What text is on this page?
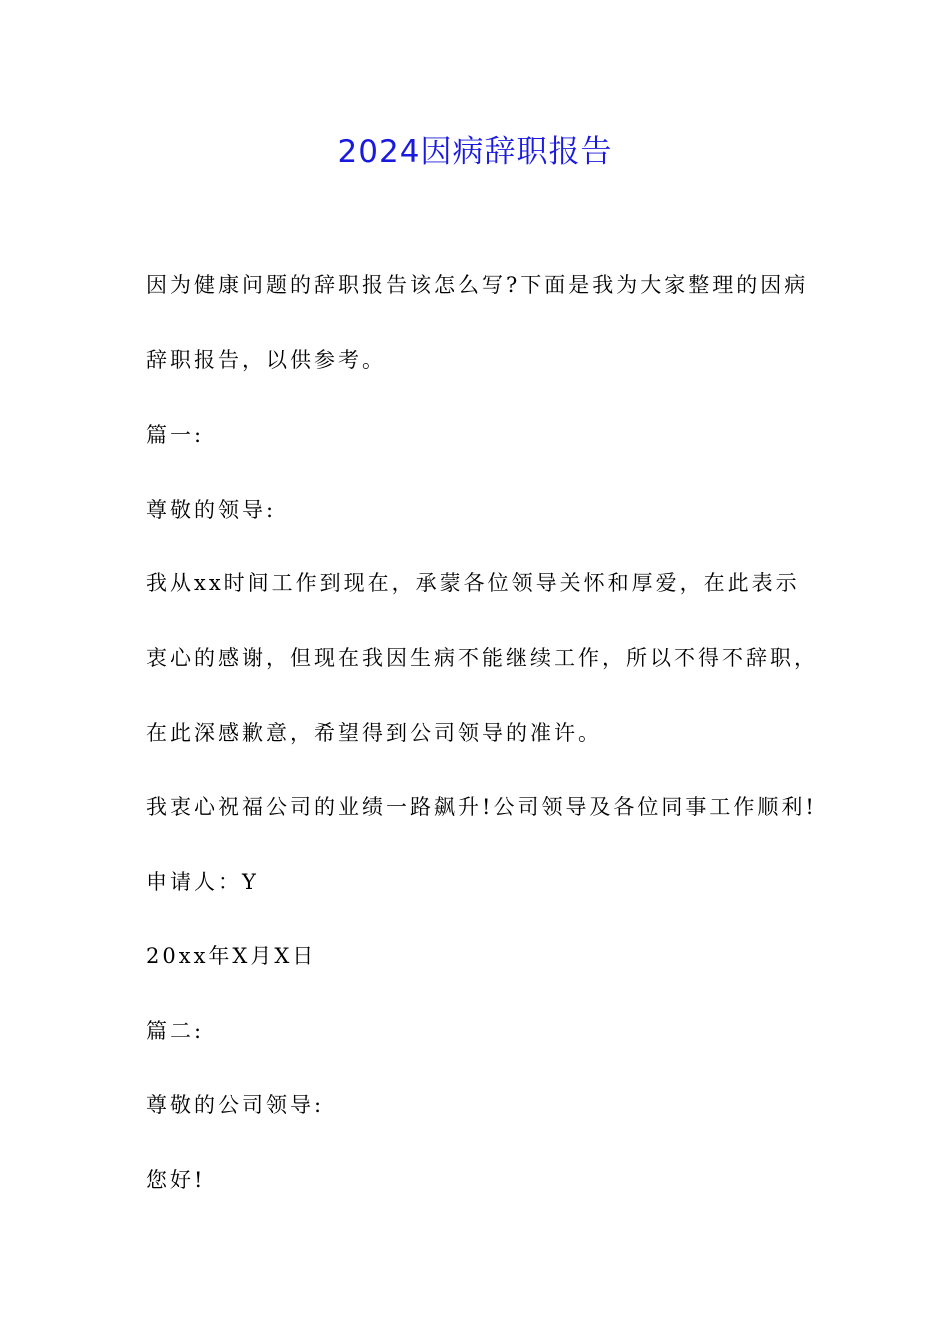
2024因病辞职报告

因为健康问题的辞职报告该怎么写?下面是我为大家整理的因病

辞职报告，以供参考。

篇一:

尊敬的领导:

我从xx时间工作到现在，承蒙各位领导关怀和厚爱，在此表示

衷心的感谢，但现在我因生病不能继续工作，所以不得不辞职，

在此深感歉意，希望得到公司领导的准许。

我衷心祝福公司的业绩一路飙升!公司领导及各位同事工作顺利!

申请人：Y

20xx年X月X日

篇二:

尊敬的公司领导:

您好!
